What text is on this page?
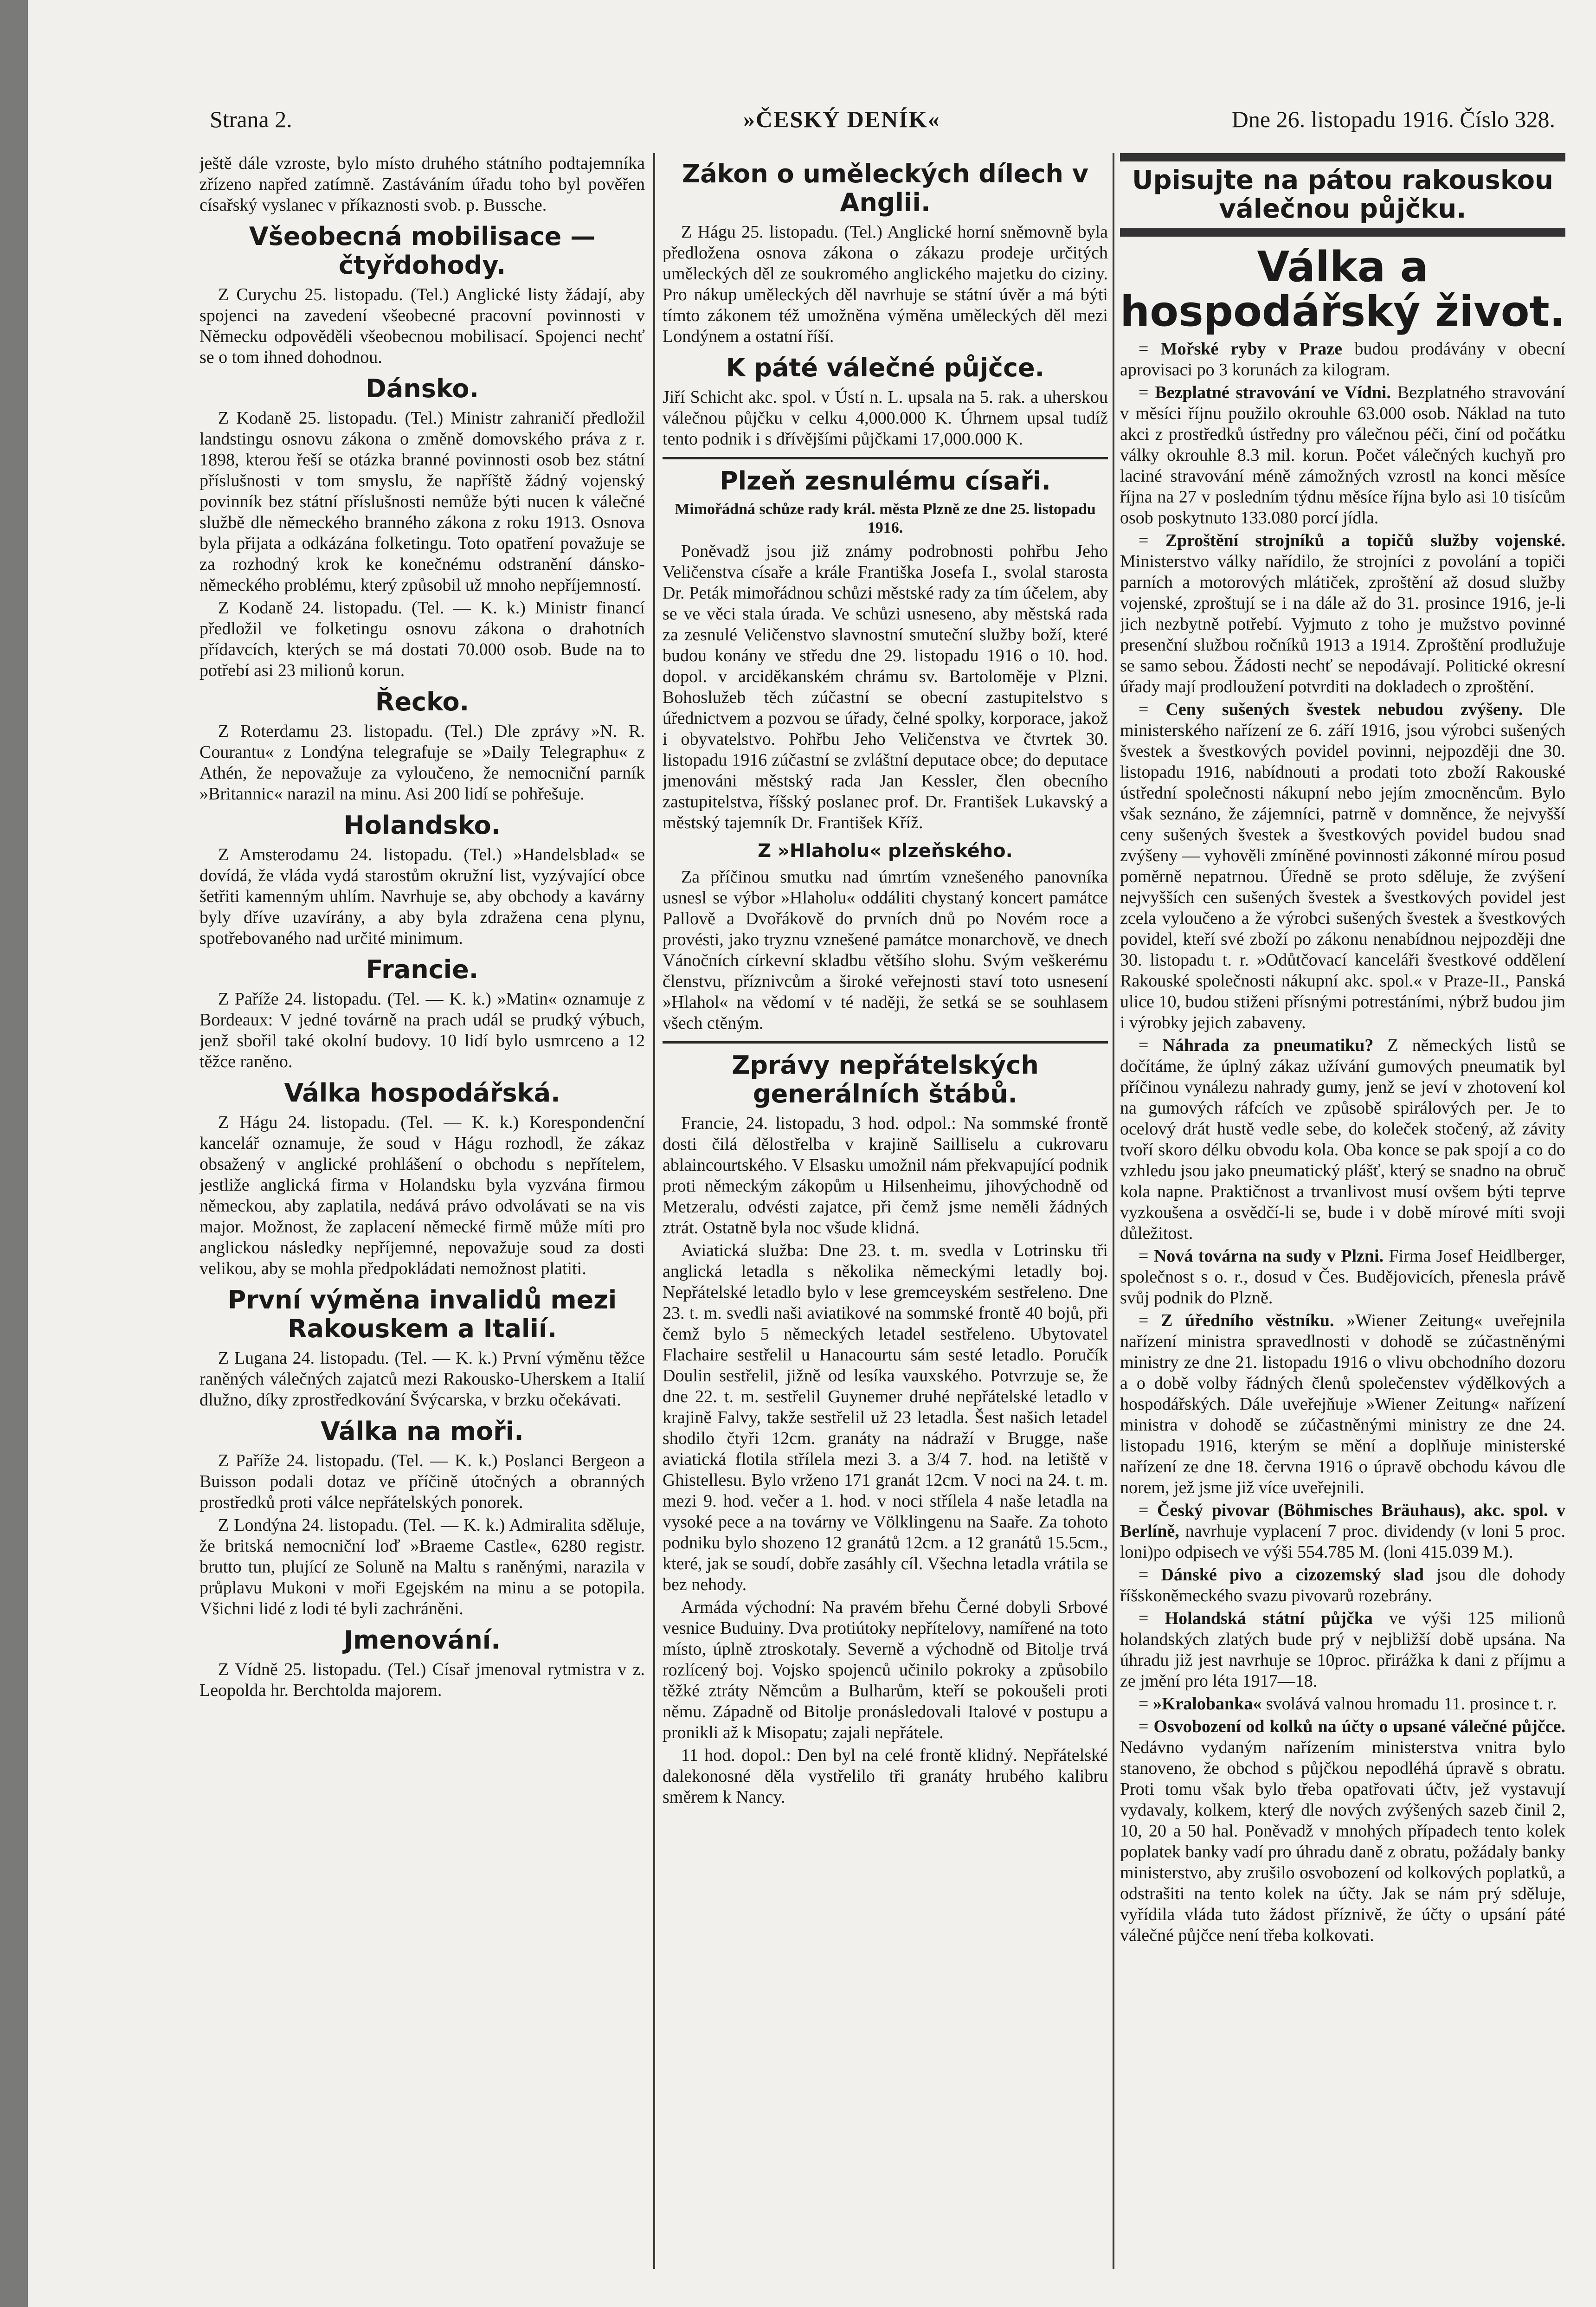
Strana 2.	»ČESKÝ DENÍK«	Dne 26. listopadu 1916. Číslo 328.

ještě dále vzroste, bylo místo druhého státního podtajemníka zřízeno napřed zatímně. Zastáváním úřadu toho byl pověřen císařský vyslanec v příkaznosti svob. p. Bussche.

Všeobecná mobilisace — čtyřdohody.

Z Curychu 25. listopadu. (Tel.) Anglické listy žádají, aby spojenci na zavedení všeobecné pracovní povinnosti v Německu odpověděli všeobecnou mobilisací. Spojenci nechť se o tom ihned dohodnou.

Dánsko.

Z Kodaně 25. listopadu. (Tel.) Ministr zahraničí předložil landstingu osnovu zákona o změně domovského práva z r. 1898, kterou řeší se otázka branné povinnosti osob bez státní příslušnosti v tom smyslu, že napříště žádný vojenský povinník bez státní příslušnosti nemůže býti nucen k válečné službě dle německého branného zákona z roku 1913. Osnova byla přijata a odkázána folketingu. Toto opatření považuje se za rozhodný krok ke konečnému odstranění dánsko-německého problému, který způsobil už mnoho nepříjemností.

Z Kodaně 24. listopadu. (Tel. — K. k.) Ministr financí předložil ve folketingu osnovu zákona o drahotních přídavcích, kterých se má dostati 70.000 osob. Bude na to potřebí asi 23 milionů korun.

Řecko.

Z Roterdamu 23. listopadu. (Tel.) Dle zprávy »N. R. Courantu« z Londýna telegrafuje se »Daily Telegraphu« z Athén, že nepovažuje za vyloučeno, že nemocniční parník »Britannic« narazil na minu. Asi 200 lidí se pohřešuje.

Holandsko.

Z Amsterodamu 24. listopadu. (Tel.) »Handelsblad« se dovídá, že vláda vydá starostům okružní list, vyzývající obce šetřiti kamenným uhlím. Navrhuje se, aby obchody a kavárny byly dříve uzavírány, a aby byla zdražena cena plynu, spotřebovaného nad určité minimum.

Francie.

Z Paříže 24. listopadu. (Tel. — K. k.) »Matin« oznamuje z Bordeaux: V jedné továrně na prach udál se prudký výbuch, jenž sbořil také okolní budovy. 10 lidí bylo usmrceno a 12 těžce raněno.

Válka hospodářská.

Z Hágu 24. listopadu. (Tel. — K. k.) Korespondenční kancelář oznamuje, že soud v Hágu rozhodl, že zákaz obsažený v anglické prohlášení o obchodu s nepřítelem, jestliže anglická firma v Holandsku byla vyzvána firmou německou, aby zaplatila, nedává právo odvolávati se na vis major. Možnost, že zaplacení německé firmě může míti pro anglickou následky nepříjemné, nepovažuje soud za dosti velikou, aby se mohla předpokládati nemožnost platiti.

První výměna invalidů mezi Rakouskem a Italií.

Z Lugana 24. listopadu. (Tel. — K. k.) První výměnu těžce raněných válečných zajatců mezi Rakousko-Uherskem a Italií dlužno, díky zprostředkování Švýcarska, v brzku očekávati.

Válka na moři.

Z Paříže 24. listopadu. (Tel. — K. k.) Poslanci Bergeon a Buisson podali dotaz ve příčině útočných a obranných prostředků proti válce nepřátelských ponorek.

Z Londýna 24. listopadu. (Tel. — K. k.) Admiralita sděluje, že britská nemocniční loď »Braeme Castle«, 6280 registr. brutto tun, plující ze Soluně na Maltu s raněnými, narazila v průplavu Mukoni v moři Egejském na minu a se potopila. Všichni lidé z lodi té byli zachráněni.

Jmenování.

Z Vídně 25. listopadu. (Tel.) Císař jmenoval rytmistra v z. Leopolda hr. Berchtolda majorem.

Zákon o uměleckých dílech v Anglii.

Z Hágu 25. listopadu. (Tel.) Anglické horní sněmovně byla předložena osnova zákona o zákazu prodeje určitých uměleckých děl ze soukromého anglického majetku do ciziny. Pro nákup uměleckých děl navrhuje se státní úvěr a má býti tímto zákonem též umožněna výměna uměleckých děl mezi Londýnem a ostatní říší.

K páté válečné půjčce.

Jiří Schicht akc. spol. v Ústí n. L. upsala na 5. rak. a uherskou válečnou půjčku v celku 4,000.000 K. Úhrnem upsal tudíž tento podnik i s dřívějšími půjčkami 17,000.000 K.

Plzeň zesnulému císaři.
Mimořádná schůze rady král. města Plzně ze dne 25. listopadu 1916.

Poněvadž jsou již známy podrobnosti pohřbu Jeho Veličenstva císaře a krále Františka Josefa I., svolal starosta Dr. Peták mimořádnou schůzi městské rady za tím účelem, aby se ve věci stala úrada. Ve schůzi usneseno, aby městská rada za zesnulé Veličenstvo slavnostní smuteční služby boží, které budou konány ve středu dne 29. listopadu 1916 o 10. hod. dopol. v arciděkanském chrámu sv. Bartoloměje v Plzni. Bohoslužeb těch zúčastní se obecní zastupitelstvo s úřednictvem a pozvou se úřady, čelné spolky, korporace, jakož i obyvatelstvo. Pohřbu Jeho Veličenstva ve čtvrtek 30. listopadu 1916 zúčastní se zvláštní deputace obce; do deputace jmenováni městský rada Jan Kessler, člen obecního zastupitelstva, říšský poslanec prof. Dr. František Lukavský a městský tajemník Dr. František Kříž.

Z »Hlaholu« plzeňského.

Za příčinou smutku nad úmrtím vznešeného panovníka usnesl se výbor »Hlaholu« oddáliti chystaný koncert památce Pallově a Dvořákově do prvních dnů po Novém roce a provésti, jako tryznu vznešené památce monarchově, ve dnech Vánočních církevní skladbu většího slohu. Svým veškerému členstvu, příznivcům a široké veřejnosti staví toto usnesení »Hlahol« na vědomí v té naději, že setká se se souhlasem všech ctěným.

Zprávy nepřátelských generálních štábů.

Francie, 24. listopadu, 3 hod. odpol.: Na sommské frontě dosti čilá dělostřelba v krajině Sailliselu a cukrovaru ablaincourtského. V Elsasku umožnil nám překvapující podnik proti německým zákopům u Hilsenheimu, jihovýchodně od Metzeralu, odvésti zajatce, při čemž jsme neměli žádných ztrát. Ostatně byla noc všude klidná.

Aviatická služba: Dne 23. t. m. svedla v Lotrinsku tři anglická letadla s několika německými letadly boj. Nepřátelské letadlo bylo v lese gremceyském sestřeleno. Dne 23. t. m. svedli naši aviatikové na sommské frontě 40 bojů, při čemž bylo 5 německých letadel sestřeleno. Ubytovatel Flachaire sestřelil u Hanacourtu sám sesté letadlo. Poručík Doulin sestřelil, jižně od lesíka vauxského. Potvrzuje se, že dne 22. t. m. sestřelil Guynemer druhé nepřátelské letadlo v krajině Falvy, takže sestřelil už 23 letadla. Šest našich letadel shodilo čtyři 12cm. granáty na nádraží v Brugge, naše aviatická flotila střílela mezi 3. a 3/4 7. hod. na letiště v Ghistellesu. Bylo vrženo 171 granát 12cm. V noci na 24. t. m. mezi 9. hod. večer a 1. hod. v noci střílela 4 naše letadla na vysoké pece a na továrny ve Völklingenu na Saaře. Za tohoto podniku bylo shozeno 12 granátů 12cm. a 12 granátů 15.5cm., které, jak se soudí, dobře zasáhly cíl. Všechna letadla vrátila se bez nehody.

Armáda východní: Na pravém břehu Černé dobyli Srbové vesnice Buduiny. Dva protiútoky nepřítelovy, namířené na toto místo, úplně ztroskotaly. Severně a východně od Bitolje trvá rozlícený boj. Vojsko spojenců učinilo pokroky a způsobilo těžké ztráty Němcům a Bulharům, kteří se pokoušeli proti němu. Západně od Bitolje pronásledovali Italové v postupu a pronikli až k Misopatu; zajali nepřátele.

11 hod. dopol.: Den byl na celé frontě klidný. Nepřátelské dalekonosné děla vystřelilo tři granáty hrubého kalibru směrem k Nancy.

Upisujte na pátou rakouskou válečnou půjčku.
Válka a hospodářský život.

= Mořské ryby v Praze budou prodávány v obecní aprovisaci po 3 korunách za kilogram.

= Bezplatné stravování ve Vídni. Bezplatného stravování v měsíci říjnu použilo okrouhle 63.000 osob. Náklad na tuto akci z prostředků ústředny pro válečnou péči, činí od počátku války okrouhle 8.3 mil. korun. Počet válečných kuchyň pro laciné stravování méně zámožných vzrostl na konci měsíce října na 27 v posledním týdnu měsíce října bylo asi 10 tisícům osob poskytnuto 133.080 porcí jídla.

= Zproštění strojníků a topičů služby vojenské. Ministerstvo války nařídilo, že strojníci z povolání a topiči parních a motorových mlátiček, zproštění až dosud služby vojenské, zproštují se i na dále až do 31. prosince 1916, je-li jich nezbytně potřebí. Vyjmuto z toho je mužstvo povinné presenční službou ročníků 1913 a 1914. Zproštění prodlužuje se samo sebou. Žádosti nechť se nepodávají. Politické okresní úřady mají prodloužení potvrditi na dokladech o zproštění.

= Ceny sušených švestek nebudou zvýšeny. Dle ministerského nařízení ze 6. září 1916, jsou výrobci sušených švestek a švestkových povidel povinni, nejpozději dne 30. listopadu 1916, nabídnouti a prodati toto zboží Rakouské ústřední společnosti nákupní nebo jejím zmocněncům. Bylo však seznáno, že zájemníci, patrně v domněnce, že nejvyšší ceny sušených švestek a švestkových povidel budou snad zvýšeny — vyhověli zmíněné povinnosti zákonné mírou posud poměrně nepatrnou. Úředně se proto sděluje, že zvýšení nejvyšších cen sušených švestek a švestkových povidel jest zcela vyloučeno a že výrobci sušených švestek a švestkových povidel, kteří své zboží po zákonu nenabídnou nejpozději dne 30. listopadu t. r. »Odůtčovací kanceláři švestkové oddělení Rakouské společnosti nákupní akc. spol.« v Praze-II., Panská ulice 10, budou stiženi přísnými potrestáními, nýbrž budou jim i výrobky jejich zabaveny.

= Náhrada za pneumatiku? Z německých listů se dočítáme, že úplný zákaz užívání gumových pneumatik byl příčinou vynálezu nahrady gumy, jenž se jeví v zhotovení kol na gumových ráfcích ve způsobě spirálových per. Je to ocelový drát hustě vedle sebe, do koleček stočený, až závity tvoří skoro délku obvodu kola. Oba konce se pak spojí a co do vzhledu jsou jako pneumatický plášť, který se snadno na obruč kola napne. Praktičnost a trvanlivost musí ovšem býti teprve vyzkoušena a osvědčí-li se, bude i v době mírové míti svoji důležitost.

= Nová továrna na sudy v Plzni. Firma Josef Heidlberger, společnost s o. r., dosud v Čes. Budějovicích, přenesla právě svůj podnik do Plzně.

= Z úředního věstníku. »Wiener Zeitung« uveřejnila nařízení ministra spravedlnosti v dohodě se zúčastněnými ministry ze dne 21. listopadu 1916 o vlivu obchodního dozoru a o době volby řádných členů společenstev výdělkových a hospodářských. Dále uveřejňuje »Wiener Zeitung« nařízení ministra v dohodě se zúčastněnými ministry ze dne 24. listopadu 1916, kterým se mění a doplňuje ministerské nařízení ze dne 18. června 1916 o úpravě obchodu kávou dle norem, jež jsme již více uveřejnili.

= Český pivovar (Böhmisches Bräuhaus), akc. spol. v Berlíně, navrhuje vyplacení 7 proc. dividendy (v loni 5 proc. loni)po odpisech ve výši 554.785 M. (loni 415.039 M.).

= Dánské pivo a cizozemský slad jsou dle dohody říšskoněmeckého svazu pivovarů rozebrány.

= Holandská státní půjčka ve výši 125 milionů holandských zlatých bude prý v nejbližší době upsána. Na úhradu již jest navrhuje se 10proc. přirážka k dani z příjmu a ze jmění pro léta 1917—18.

= »Kralobanka« svolává valnou hromadu 11. prosince t. r.

= Osvobození od kolků na účty o upsané válečné půjčce. Nedávno vydaným nařízením ministerstva vnitra bylo stanoveno, že obchod s půjčkou nepodléhá úpravě s obratu. Proti tomu však bylo třeba opatřovati účtv, jež vystavují vydavaly, kolkem, který dle nových zvýšených sazeb činil 2, 10, 20 a 50 hal. Poněvadž v mnohých případech tento kolek poplatek banky vadí pro úhradu daně z obratu, požádaly banky ministerstvo, aby zrušilo osvobození od kolkových poplatků, a odstrašiti na tento kolek na účty. Jak se nám prý sděluje, vyřídila vláda tuto žádost příznivě, že účty o upsání páté válečné půjčce není třeba kolkovati.
